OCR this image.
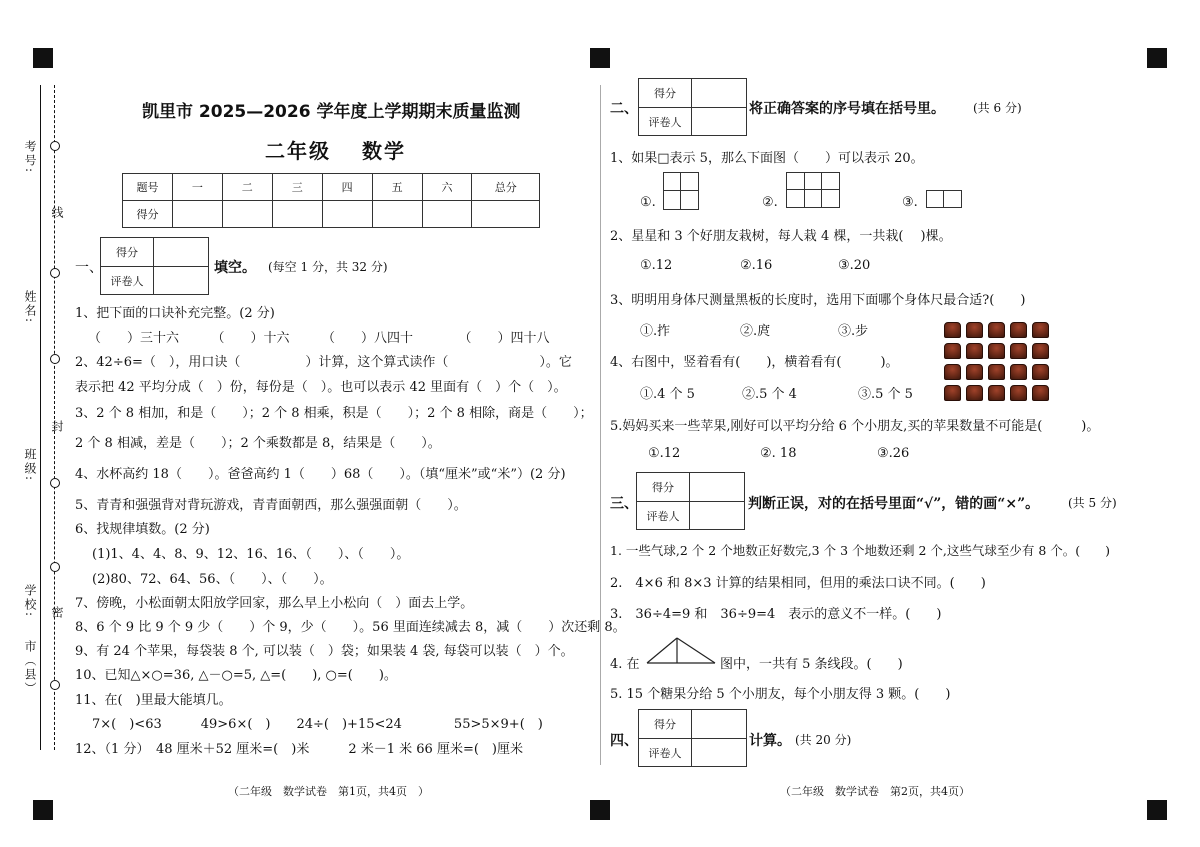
考号:
线
姓名:
封
班级:
学校: 密
市（县）
凯里市 2025—2026 学年度上学期期末质量监测
二年级　 数学
题号	一	二	三	四	五	六	总分
得分							
一、
得分
评卷人
填空。 (每空 1 分，共 32 分)
1、把下面的口诀补充完整。(2 分)
（　　）三十六　　　（　　）十六　　　（　　）八四十　　　　（　　）四十八
2、42÷6=（　），用口诀（　　　　　）计算，这个算式读作（　　　　　　　）。它
表示把 42 平均分成（　）份，每份是（　）。也可以表示 42 里面有（　）个（　）。
3、2 个 8 相加，和是（　　）；2 个 8 相乘，积是（　　）；2 个 8 相除，商是（　　）；
2 个 8 相减，差是（　　）；2 个乘数都是 8，结果是（　　）。
4、水杯高约 18（　　）。爸爸高约 1（　　）68（　　）。（填“厘米”或“米”）(2 分)
5、青青和强强背对背玩游戏，青青面朝西，那么强强面朝（　　）。
6、找规律填数。(2 分)
(1)1、4、4、8、9、12、16、16、（　　）、（　　）。
(2)80、72、64、56、（　　）、（　　）。
7、傍晚，小松面朝太阳放学回家，那么早上小松向（　）面去上学。
8、6 个 9 比 9 个 9 少（　　）个 9，少（　　）。56 里面连续减去 8，减（　　）次还剩 8。
9、有 24 个苹果，每袋装 8 个, 可以装（　）袋；如果装 4 袋, 每袋可以装（　）个。
10、已知△×○=36, △－○=5, △=(　　), ○=(　　)。
11、在(　)里最大能填几。
7×(　)<63　　　49>6×(　)　　24÷(　)+15<24　　　　55>5×9+(　)
12、（1 分）　48 厘米＋52 厘米=(　)米　　　2 米－1 米 66 厘米=(　)厘米
（二年级　数学试卷　第1页，共4页　）
二、
得分
评卷人
将正确答案的序号填在括号里。 (共 6 分)
1、如果□表示 5，那么下面图（　　）可以表示 20。
①.	②.	③.
2、星星和 3 个好朋友栽树，每人栽 4 棵，一共栽(　 )棵。
①.12	②.16	③.20
3、明明用身体尺测量黑板的长度时，选用下面哪个身体尺最合适?(　　)
①.拃	②.庹	③.步
4、右图中，竖着看有(　　)，横着看有(　　　)。
①.4 个 5	②.5 个 4	③.5 个 5
5.妈妈买来一些苹果,刚好可以平均分给 6 个小朋友,买的苹果数量不可能是(　　　)。
①.12	②. 18	③.26
三、
得分
评卷人
判断正误，对的在括号里面“√”，错的画“×”。 (共 5 分)
1. 一些气球,2 个 2 个地数正好数完,3 个 3 个地数还剩 2 个,这些气球至少有 8 个。(　　)
2.　4×6 和 8×3 计算的结果相同，但用的乘法口诀不同。(　　)
3.　36÷4=9 和　36÷9=4　表示的意义不一样。(　　)
4. 在	图中，一共有 5 条线段。(　　)
5. 15 个糖果分给 5 个小朋友，每个小朋友得 3 颗。(　　)
四、
得分
评卷人
计算。 (共 20 分)
（二年级　数学试卷　第2页，共4页）
